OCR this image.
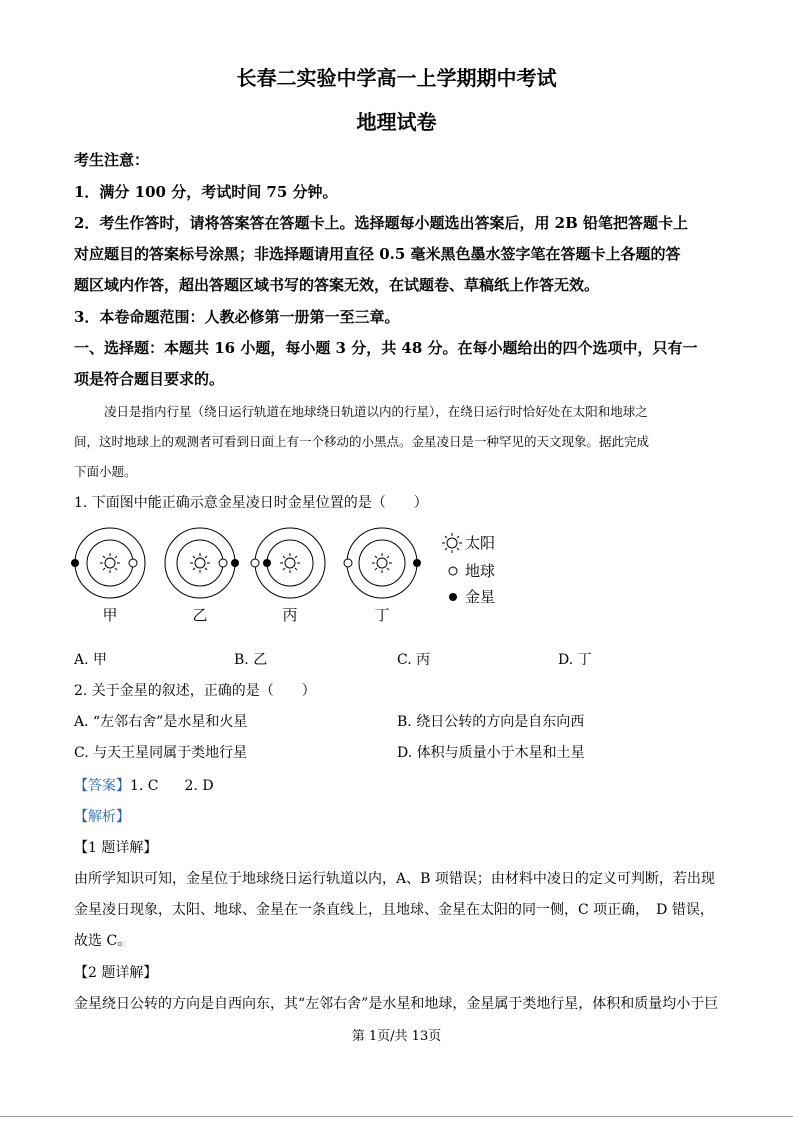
长春二实验中学高一上学期期中考试
地理试卷
考生注意：
1．满分 100 分，考试时间 75 分钟。
2．考生作答时，请将答案答在答题卡上。选择题每小题选出答案后，用 2B 铅笔把答题卡上
对应题目的答案标号涂黑；非选择题请用直径 0.5 毫米黑色墨水签字笔在答题卡上各题的答
题区域内作答，超出答题区域书写的答案无效，在试题卷、草稿纸上作答无效。
3．本卷命题范围：人教必修第一册第一至三章。
一、选择题：本题共 16 小题，每小题 3 分，共 48 分。在每小题给出的四个选项中，只有一
项是符合题目要求的。
凌日是指内行星（绕日运行轨道在地球绕日轨道以内的行星），在绕日运行时恰好处在太阳和地球之
间，这时地球上的观测者可看到日面上有一个移动的小黑点。金星凌日是一种罕见的天文现象。据此完成
下面小题。
1. 下面图中能正确示意金星凌日时金星位置的是（　　）
甲	乙	丙	丁
太阳
地球
金星
A. 甲	B. 乙	C. 丙	D. 丁
2. 关于金星的叙述，正确的是（　　）
A. “左邻右舍”是水星和火星	B. 绕日公转的方向是自东向西
C. 与天王星同属于类地行星	D. 体积与质量小于木星和土星
【答案】1. C 2. D
【解析】
【1 题详解】
由所学知识可知，金星位于地球绕日运行轨道以内，A、B 项错误；由材料中凌日的定义可判断，若出现
金星凌日现象，太阳、地球、金星在一条直线上，且地球、金星在太阳的同一侧，C 项正确，　D 错误，
故选 C。
【2 题详解】
金星绕日公转的方向是自西向东，其“左邻右舍”是水星和地球，金星属于类地行星，体积和质量均小于巨
第 1页/共 13页
